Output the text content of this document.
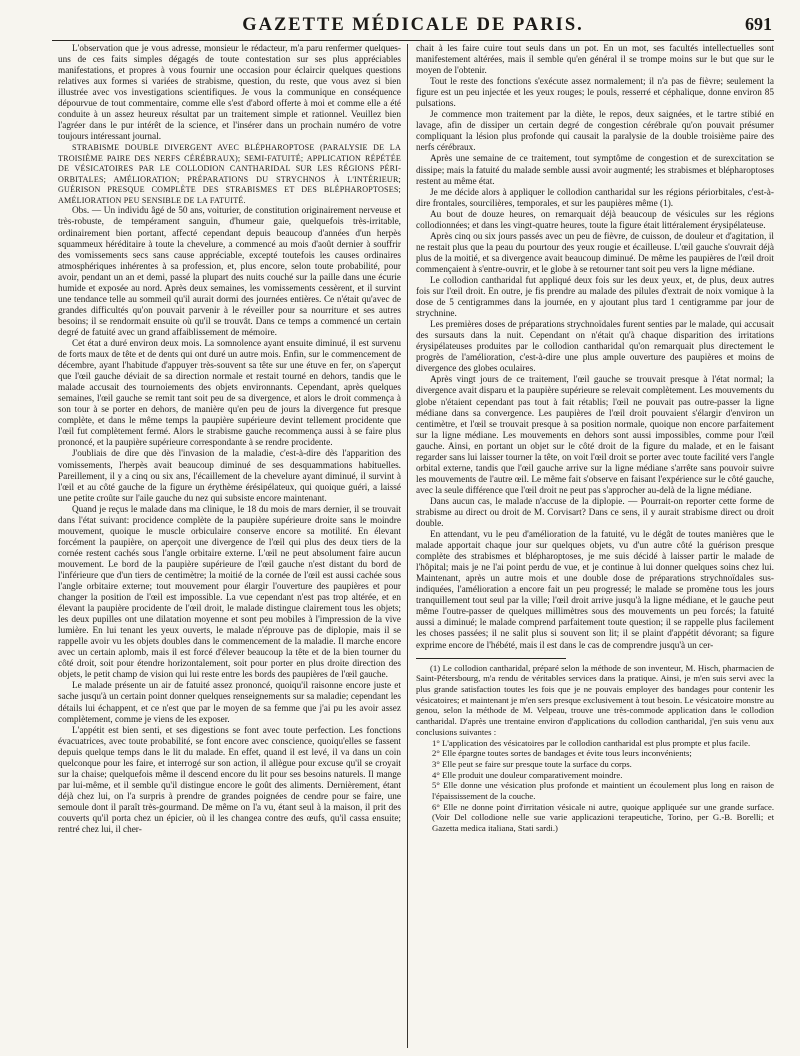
GAZETTE MÉDICALE DE PARIS.	691

L'observation que je vous adresse, monsieur le rédacteur, m'a paru renfermer quelques-uns de ces faits simples dégagés de toute contestation sur ses plus appréciables manifestations, et propres à vous fournir une occasion pour éclaircir quelques questions relatives aux formes si variées de strabisme, question, du reste, que vous avez si bien illustrée avec vos investigations scientifiques. Je vous la communique en conséquence dépourvue de tout commentaire, comme elle s'est d'abord offerte à moi et comme elle a été conduite à un assez heureux résultat par un traitement simple et rationnel. Veuillez bien l'agréer dans le pur intérêt de la science, et l'insérer dans un prochain numéro de votre toujours intéressant journal.

STRABISME DOUBLE DIVERGENT AVEC BLÉPHAROPTOSE (PARALYSIE DE LA TROISIÈME PAIRE DES NERFS CÉRÉBRAUX); SEMI-FATUITÉ; APPLICATION RÉPÉTÉE DE VÉSICATOIRES PAR LE COLLODION CANTHARIDAL SUR LES RÉGIONS PÉRI-ORBITALES; AMÉLIORATION; PRÉPARATIONS DU STRYCHNOS À L'INTÉRIEUR; GUÉRISON PRESQUE COMPLÈTE DES STRABISMES ET DES BLÉPHAROPTOSES; AMÉLIORATION PEU SENSIBLE DE LA FATUITÉ.

Obs. — Un individu âgé de 50 ans, voiturier, de constitution originairement nerveuse et très-robuste, de tempérament sanguin, d'humeur gaie, quelquefois très-irritable, ordinairement bien portant, affecté cependant depuis beaucoup d'années d'un herpès squammeux héréditaire à toute la chevelure, a commencé au mois d'août dernier à souffrir des vomissements secs sans cause appréciable, excepté toutefois les causes ordinaires atmosphériques inhérentes à sa profession, et, plus encore, selon toute probabilité, pour avoir, pendant un an et demi, passé la plupart des nuits couché sur la paille dans une écurie humide et exposée au nord. Après deux semaines, les vomissements cessèrent, et il survint une tendance telle au sommeil qu'il aurait dormi des journées entières. Ce n'était qu'avec de grandes difficultés qu'on pouvait parvenir à le réveiller pour sa nourriture et ses autres besoins; il se rendormait ensuite où qu'il se trouvât. Dans ce temps a commencé un certain degré de fatuité avec un grand affaiblissement de mémoire.

Cet état a duré environ deux mois. La somnolence ayant ensuite diminué, il est survenu de forts maux de tête et de dents qui ont duré un autre mois. Enfin, sur le commencement de décembre, ayant l'habitude d'appuyer très-souvent sa tête sur une étuve en fer, on s'aperçut que l'œil gauche déviait de sa direction normale et restait tourné en dehors, tandis que le malade accusait des tournoiements des objets environnants. Cependant, après quelques semaines, l'œil gauche se remit tant soit peu de sa divergence, et alors le droit commença à son tour à se porter en dehors, de manière qu'en peu de jours la divergence fut presque complète, et dans le même temps la paupière supérieure devint tellement procidente que l'œil fut complètement fermé. Alors le strabisme gauche recommença aussi à se faire plus prononcé, et la paupière supérieure correspondante à se rendre procidente.

J'oubliais de dire que dès l'invasion de la maladie, c'est-à-dire dès l'apparition des vomissements, l'herpès avait beaucoup diminué de ses desquammations habituelles. Pareillement, il y a cinq ou six ans, l'écaillement de la chevelure ayant diminué, il survint à l'œil et au côté gauche de la figure un érythème érésipélateux, qui quoique guéri, a laissé une petite croûte sur l'aile gauche du nez qui subsiste encore maintenant.

Quand je reçus le malade dans ma clinique, le 18 du mois de mars dernier, il se trouvait dans l'état suivant: procidence complète de la paupière supérieure droite sans le moindre mouvement, quoique le muscle orbiculaire conserve encore sa motilité. En élevant forcément la paupière, on aperçoit une divergence de l'œil qui plus des deux tiers de la cornée restent cachés sous l'angle orbitaire externe. L'œil ne peut absolument faire aucun mouvement. Le bord de la paupière supérieure de l'œil gauche n'est distant du bord de l'inférieure que d'un tiers de centimètre; la moitié de la cornée de l'œil est aussi cachée sous l'angle orbitaire externe; tout mouvement pour élargir l'ouverture des paupières et pour changer la position de l'œil est impossible. La vue cependant n'est pas trop altérée, et en élevant la paupière procidente de l'œil droit, le malade distingue clairement tous les objets; les deux pupilles ont une dilatation moyenne et sont peu mobiles à l'impression de la vive lumière. En lui tenant les yeux ouverts, le malade n'éprouve pas de diplopie, mais il se rappelle avoir vu les objets doubles dans le commencement de la maladie. Il marche encore avec un certain aplomb, mais il est forcé d'élever beaucoup la tête et de la bien tourner du côté droit, soit pour étendre horizontalement, soit pour porter en plus droite direction des objets, le petit champ de vision qui lui reste entre les bords des paupières de l'œil gauche.

Le malade présente un air de fatuité assez prononcé, quoiqu'il raisonne encore juste et sache jusqu'à un certain point donner quelques renseignements sur sa maladie; cependant les détails lui échappent, et ce n'est que par le moyen de sa femme que j'ai pu les avoir assez complètement, comme je viens de les exposer.

L'appétit est bien senti, et ses digestions se font avec toute perfection. Les fonctions évacuatrices, avec toute probabilité, se font encore avec conscience, quoiqu'elles se fassent depuis quelque temps dans le lit du malade. En effet, quand il est levé, il va dans un coin quelconque pour les faire, et interrogé sur son action, il allègue pour excuse qu'il se croyait sur la chaise; quelquefois même il descend encore du lit pour ses besoins naturels. Il mange par lui-même, et il semble qu'il distingue encore le goût des aliments. Dernièrement, étant déjà chez lui, on l'a surpris à prendre de grandes poignées de cendre pour se faire, une semoule dont il paraît très-gourmand. De même on l'a vu, étant seul à la maison, il prit des couverts qu'il porta chez un épicier, où il les changea contre des œufs, qu'il cassa ensuite; rentré chez lui, il cher-

chait à les faire cuire tout seuls dans un pot. En un mot, ses facultés intellectuelles sont manifestement altérées, mais il semble qu'en général il se trompe moins sur le but que sur le moyen de l'obtenir.

Tout le reste des fonctions s'exécute assez normalement; il n'a pas de fièvre; seulement la figure est un peu injectée et les yeux rouges; le pouls, resserré et céphalique, donne environ 85 pulsations.

Je commence mon traitement par la diète, le repos, deux saignées, et le tartre stibié en lavage, afin de dissiper un certain degré de congestion cérébrale qu'on pouvait présumer compliquant la lésion plus profonde qui causait la paralysie de la double troisième paire des nerfs cérébraux.

Après une semaine de ce traitement, tout symptôme de congestion et de surexcitation se dissipe; mais la fatuité du malade semble aussi avoir augmenté; les strabismes et blépharoptoses restent au même état.

Je me décide alors à appliquer le collodion cantharidal sur les régions périorbitales, c'est-à-dire frontales, sourcilières, temporales, et sur les paupières même (1).

Au bout de douze heures, on remarquait déjà beaucoup de vésicules sur les régions collodionnées; et dans les vingt-quatre heures, toute la figure était littéralement érysipélateuse.

Après cinq ou six jours passés avec un peu de fièvre, de cuisson, de douleur et d'agitation, il ne restait plus que la peau du pourtour des yeux rougie et écailleuse. L'œil gauche s'ouvrait déjà plus de la moitié, et sa divergence avait beaucoup diminué. De même les paupières de l'œil droit commençaient à s'entre-ouvrir, et le globe à se retourner tant soit peu vers la ligne médiane.

Le collodion cantharidal fut appliqué deux fois sur les deux yeux, et, de plus, deux autres fois sur l'œil droit. En outre, je fis prendre au malade des pilules d'extrait de noix vomique à la dose de 5 centigrammes dans la journée, en y ajoutant plus tard 1 centigramme par jour de strychnine.

Les premières doses de préparations strychnoïdales furent senties par le malade, qui accusait des sursauts dans la nuit. Cependant on n'était qu'à chaque disparition des irritations érysipélateuses produites par le collodion cantharidal qu'on remarquait plus directement le progrès de l'amélioration, c'est-à-dire une plus ample ouverture des paupières et moins de divergence des globes oculaires.

Après vingt jours de ce traitement, l'œil gauche se trouvait presque à l'état normal; la divergence avait disparu et la paupière supérieure se relevait complètement. Les mouvements du globe n'étaient cependant pas tout à fait rétablis; l'œil ne pouvait pas outre-passer la ligne médiane dans sa convergence. Les paupières de l'œil droit pouvaient s'élargir d'environ un centimètre, et l'œil se trouvait presque à sa position normale, quoique non encore parfaitement sur la ligne médiane. Les mouvements en dehors sont aussi impossibles, comme pour l'œil gauche. Ainsi, en portant un objet sur le côté droit de la figure du malade, et en le faisant regarder sans lui laisser tourner la tête, on voit l'œil droit se porter avec toute facilité vers l'angle orbital externe, tandis que l'œil gauche arrive sur la ligne médiane s'arrête sans pouvoir suivre les mouvements de l'autre œil. Le même fait s'observe en faisant l'expérience sur le côté gauche, avec la seule différence que l'œil droit ne peut pas s'approcher au-delà de la ligne médiane.

Dans aucun cas, le malade n'accuse de la diplopie. — Pourrait-on reporter cette forme de strabisme au direct ou droit de M. Corvisart? Dans ce sens, il y aurait strabisme direct ou droit double.

En attendant, vu le peu d'amélioration de la fatuité, vu le dégât de toutes manières que le malade apportait chaque jour sur quelques objets, vu d'un autre côté la guérison presque complète des strabismes et blépharoptoses, je me suis décidé à laisser partir le malade de l'hôpital; mais je ne l'ai point perdu de vue, et je continue à lui donner quelques soins chez lui. Maintenant, après un autre mois et une double dose de préparations strychnoïdales sus-indiquées, l'amélioration a encore fait un peu progressé; le malade se promène tous les jours tranquillement tout seul par la ville; l'œil droit arrive jusqu'à la ligne médiane, et le gauche peut même l'outre-passer de quelques millimètres sous des mouvements un peu forcés; la fatuité aussi a diminué; le malade comprend parfaitement toute question; il se rappelle plus facilement les choses passées; il ne salit plus si souvent son lit; il se plaint d'appétit dévorant; sa figure exprime encore de l'hébété, mais il est dans le cas de comprendre jusqu'à un cer-

(1) Le collodion cantharidal, préparé selon la méthode de son inventeur, M. Hisch, pharmacien de Saint-Pétersbourg, m'a rendu de véritables services dans la pratique. Ainsi, je m'en suis servi avec la plus grande satisfaction toutes les fois que je ne pouvais employer des bandages pour contenir les vésicatoires; et maintenant je m'en sers presque exclusivement à tout besoin. Le vésicatoire monstre au genou, selon la méthode de M. Velpeau, trouve une très-commode application dans le collodion cantharidal. D'après une trentaine environ d'applications du collodion cantharidal, j'en suis venu aux conclusions suivantes :

1° L'application des vésicatoires par le collodion cantharidal est plus prompte et plus facile.

2° Elle épargne toutes sortes de bandages et évite tous leurs inconvénients;

3° Elle peut se faire sur presque toute la surface du corps.

4° Elle produit une douleur comparativement moindre.

5° Elle donne une vésication plus profonde et maintient un écoulement plus long en raison de l'épaississement de la couche.

6° Elle ne donne point d'irritation vésicale ni autre, quoique appliquée sur une grande surface. (Voir Del collodione nelle sue varie applicazioni terapeutiche, Torino, per G.-B. Borelli; et Gazetta medica italiana, Stati sardi.)
